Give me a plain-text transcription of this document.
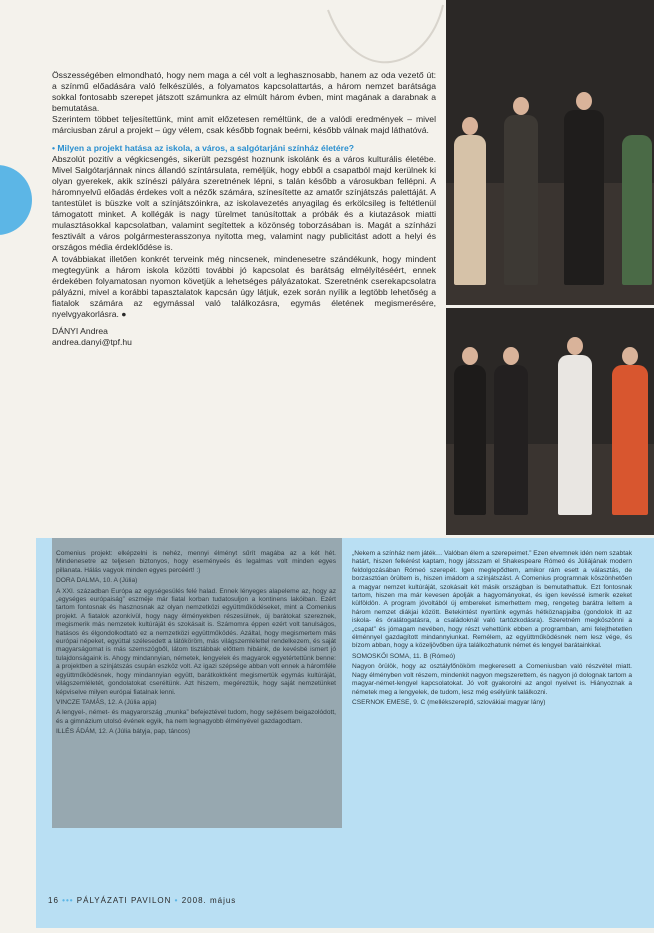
Összességében elmondható, hogy nem maga a cél volt a leghasznosabb, hanem az oda vezető út: a színmű előadására való felkészülés, a folyamatos kapcsolattartás, a három nemzet barátsága sokkal fontosabb szerepet játszott számunkra az elmúlt három évben, mint magának a darabnak a bemutatása.

Szerintem többet teljesítettünk, mint amit előzetesen reméltünk, de a valódi eredmények – mivel márciusban zárul a projekt – úgy vélem, csak később fognak beérni, később válnak majd láthatóvá.

• Milyen a projekt hatása az iskola, a város, a salgótarjáni színház életére?

Abszolút pozitív a végkicsengés, sikerült pezsgést hoznunk iskolánk és a város kulturális életébe. Mivel Salgótarjánnak nincs állandó színtársulata, reméljük, hogy ebből a csapatból majd kerülnek ki olyan gyerekek, akik színészi pályára szeretnének lépni, s talán később a városukban fellépni. A háromnyelvű előadás érdekes volt a nézők számára, színesítette az amatőr színjátszás palettáját. A tantestület is büszke volt a színjátszóinkra, az iskolavezetés anyagilag és erkölcsileg is feltétlenül támogatott minket. A kollégák is nagy türelmet tanúsítottak a próbák és a kiutazások miatti mulasztásokkal kapcsolatban, valamint segítettek a közönség toborzásában is. Magát a színházi fesztivált a város polgármesterasszonya nyitotta meg, valamint nagy publicitást adott a helyi és országos média érdeklődése is.

A továbbiakat illetően konkrét terveink még nincsenek, mindenesetre szándékunk, hogy mindent megtegyünk a három iskola közötti további jó kapcsolat és barátság elmélyítéséért, ennek érdekében folyamatosan nyomon követjük a lehetséges pályázatokat. Szeretnénk cserekapcsolatra pályázni, mivel a korábbi tapasztalatok kapcsán úgy látjuk, ezek során nyílik a legtöbb lehetőség a fiatalok számára az egymással való találkozásra, egymás életének megismerésére, nyelvgyakorlásra. ●

DÁNYI Andrea

andrea.danyi@tpf.hu

Comenius projekt: elképzelni is nehéz, mennyi élményt sűrít magába az a két hét. Mindenesetre az teljesen biztonyos, hogy eseményeés és legalmas volt minden egyes pillanata. Hálás vagyok minden egyes percéért! :)

DORA DALMA, 10. A (Júlia)

A XXI. században Európa az egységesülés felé halad. Ennek lényeges alapeleme az, hogy az „egységes európaiság” eszméje már fiatal korban tudatosuljon a kontinens lakóiban. Ezért tartom fontosnak és hasznosnak az olyan nemzetközi együttműködéseket, mint a Comenius projekt. A fiatalok azonkívül, hogy nagy élményekben részesülnek, új barátokat szereznek, megismerik más nemzetek kultúráját és szokásait is. Számomra éppen ezért volt tanulságos, hatásos és élgondolkodtató ez a nemzetközi együttműködés. Azáltal, hogy megismertem más európai népeket, egyúttal szélesedett a látóköröm, más világszemlélettel rendelkezem, és saját magyarságomat is más szemszögből, látom tisztábbak előttem hibáink, de kevésbé ismert jó tulajdonságaink is. Ahogy mindannyian, németek, lengyelek és magyarok egyetértettünk benne: a projektben a színjátszás csupán eszköz volt. Az igazi szépsége abban volt ennek a háromféle együttműködésnek, hogy mindannyian együtt, barátkoktként megismertük egymás kultúráját, világszemléletét, gondolatokat cseréltünk. Azt hiszem, megéreztük, hogy saját nemzetünket képviselve milyen európai fiatalnak lenni.

VINCZE TAMÁS, 12. A (Júlia apja)

A lengyel-, német- és magyarország „munka” befejeztével tudom, hogy sejtésem beigazolódott, és a gimnázium utolsó évének egyik, ha nem legnagyobb élményével gazdagodtam.

ILLÉS ÁDÁM, 12. A (Júlia bátyja, pap, táncos)

„Nekem a színház nem játék… Valóban élem a szerepeimet.” Ezen elvemnek idén nem szabtak határt, hiszen felkérést kaptam, hogy játsszam el Shakespeare Rómeó és Júliájának modern feldolgozásában Rómeó szerepét. Igen meglepődtem, amikor rám esett a választás, de borzasztóan örültem is, hiszen imádom a színjátszást. A Comenius programnak köszönhetően a magyar nemzet kultúráját, szokásait két másik országban is bemutathattuk. Ezt fontosnak tartom, hiszen ma már kevesen ápolják a hagyományokat, és igen kevéssé ismerik ezeket külföldön. A program jóvoltából új embereket ismerhettem meg, rengeteg barátra leltem a három nemzet diákjai között. Betekintést nyertünk egymás hétköznapjaiba (gondolok itt az iskola- és óralátogatásra, a családoknál való tartózkodásra). Szeretném megköszönni a „csapat” és jómagam nevében, hogy részt vehettünk ebben a programban, ami felejthetetlen élménnyel gazdagított mindannyiunkat. Remélem, az együttműködésnek nem lesz vége, és bízom abban, hogy a közeljövőben újra találkozhatunk német és lengyel barátainkkal.

SOMOSKŐI SOMA, 11. B (Rómeó)

Nagyon örülök, hogy az osztályfőnököm megkeresett a Comeniusban való részvétel miatt. Nagy élményben volt részem, mindenkit nagyon megszerettem, és nagyon jó dolognak tartom a magyar-német-lengyel kapcsolatokat. Jó volt gyakorolni az angol nyelvet is. Hiányoznak a németek meg a lengyelek, de tudom, lesz még esélyünk találkozni.

CSERNOK EMESE, 9. C (mellékszereplő, szlovákiai magyar lány)

16 ••• PÁLYÁZATI PAVILON • 2008. május
